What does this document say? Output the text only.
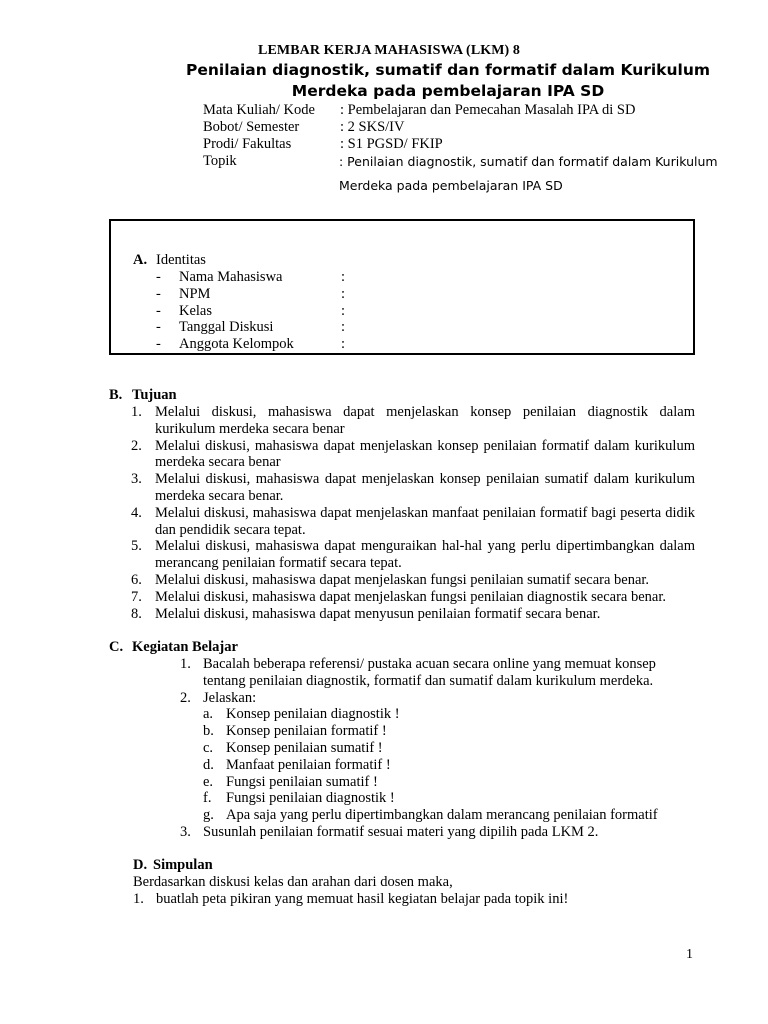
LEMBAR KERJA MAHASISWA (LKM) 8
Penilaian diagnostik, sumatif dan formatif dalam Kurikulum Merdeka pada pembelajaran IPA SD
Mata Kuliah/ Kode : Pembelajaran dan Pemecahan Masalah IPA di SD
Bobot/ Semester	: 2 SKS/IV
Prodi/ Fakultas	: S1 PGSD/ FKIP
Topik	: Penilaian diagnostik, sumatif dan formatif dalam Kurikulum Merdeka pada pembelajaran IPA SD
A. Identitas
- Nama Mahasiswa	:
- NPM	:
- Kelas	:
- Tanggal Diskusi	:
- Anggota Kelompok	:
B. Tujuan
1. Melalui diskusi, mahasiswa dapat menjelaskan konsep penilaian diagnostik dalam kurikulum merdeka secara benar
2. Melalui diskusi, mahasiswa dapat menjelaskan konsep penilaian formatif dalam kurikulum merdeka secara benar
3. Melalui diskusi, mahasiswa dapat menjelaskan konsep penilaian sumatif dalam kurikulum merdeka secara benar.
4. Melalui diskusi, mahasiswa dapat menjelaskan manfaat penilaian formatif bagi peserta didik dan pendidik secara tepat.
5. Melalui diskusi, mahasiswa dapat menguraikan hal-hal yang perlu dipertimbangkan dalam merancang penilaian formatif secara tepat.
6. Melalui diskusi, mahasiswa dapat menjelaskan fungsi penilaian sumatif secara benar.
7. Melalui diskusi, mahasiswa dapat menjelaskan fungsi penilaian diagnostik secara benar.
8. Melalui diskusi, mahasiswa dapat menyusun penilaian formatif secara benar.
C. Kegiatan Belajar
1. Bacalah beberapa referensi/ pustaka acuan secara online yang memuat konsep tentang penilaian diagnostik, formatif dan sumatif dalam kurikulum merdeka.
2. Jelaskan:
a. Konsep penilaian diagnostik !
b. Konsep penilaian formatif !
c. Konsep penilaian sumatif !
d. Manfaat penilaian formatif !
e. Fungsi penilaian sumatif !
f. Fungsi penilaian diagnostik !
g. Apa saja yang perlu dipertimbangkan dalam merancang penilaian formatif
3. Susunlah penilaian formatif sesuai materi yang dipilih pada LKM 2.
D. Simpulan
Berdasarkan diskusi kelas dan arahan dari dosen maka,
1. buatlah peta pikiran yang memuat hasil kegiatan belajar pada topik ini!
1
